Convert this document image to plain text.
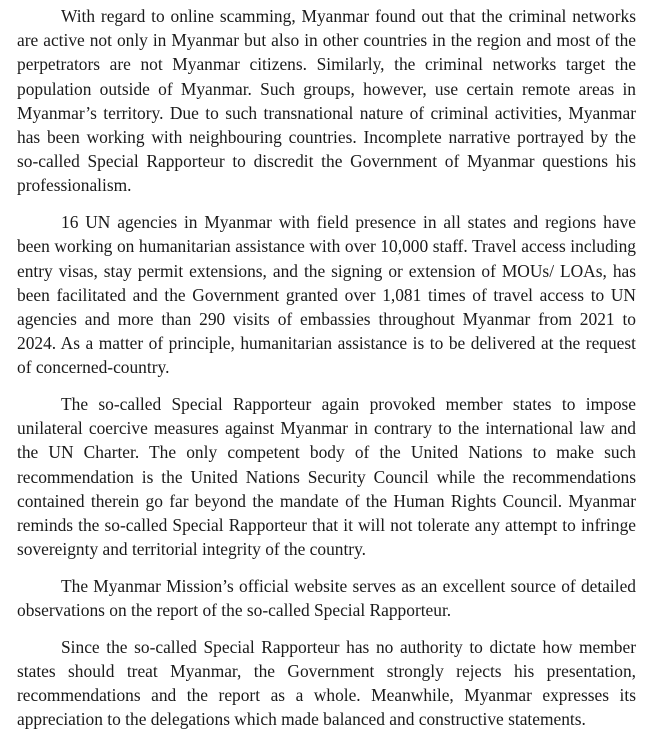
With regard to online scamming, Myanmar found out that the criminal networks are active not only in Myanmar but also in other countries in the region and most of the perpetrators are not Myanmar citizens. Similarly, the criminal networks target the population outside of Myanmar. Such groups, however, use certain remote areas in Myanmar’s territory. Due to such transnational nature of criminal activities, Myanmar has been working with neighbouring countries. Incomplete narrative portrayed by the so-called Special Rapporteur to discredit the Government of Myanmar questions his professionalism.

16 UN agencies in Myanmar with field presence in all states and regions have been working on humanitarian assistance with over 10,000 staff. Travel access including entry visas, stay permit extensions, and the signing or extension of MOUs/ LOAs, has been facilitated and the Government granted over 1,081 times of travel access to UN agencies and more than 290 visits of embassies throughout Myanmar from 2021 to 2024. As a matter of principle, humanitarian assistance is to be delivered at the request of concerned-country.

The so-called Special Rapporteur again provoked member states to impose unilateral coercive measures against Myanmar in contrary to the international law and the UN Charter. The only competent body of the United Nations to make such recommendation is the United Nations Security Council while the recommendations contained therein go far beyond the mandate of the Human Rights Council. Myanmar reminds the so-called Special Rapporteur that it will not tolerate any attempt to infringe sovereignty and territorial integrity of the country.

The Myanmar Mission’s official website serves as an excellent source of detailed observations on the report of the so-called Special Rapporteur.

Since the so-called Special Rapporteur has no authority to dictate how member states should treat Myanmar, the Government strongly rejects his presentation, recommendations and the report as a whole. Meanwhile, Myanmar expresses its appreciation to the delegations which made balanced and constructive statements.
